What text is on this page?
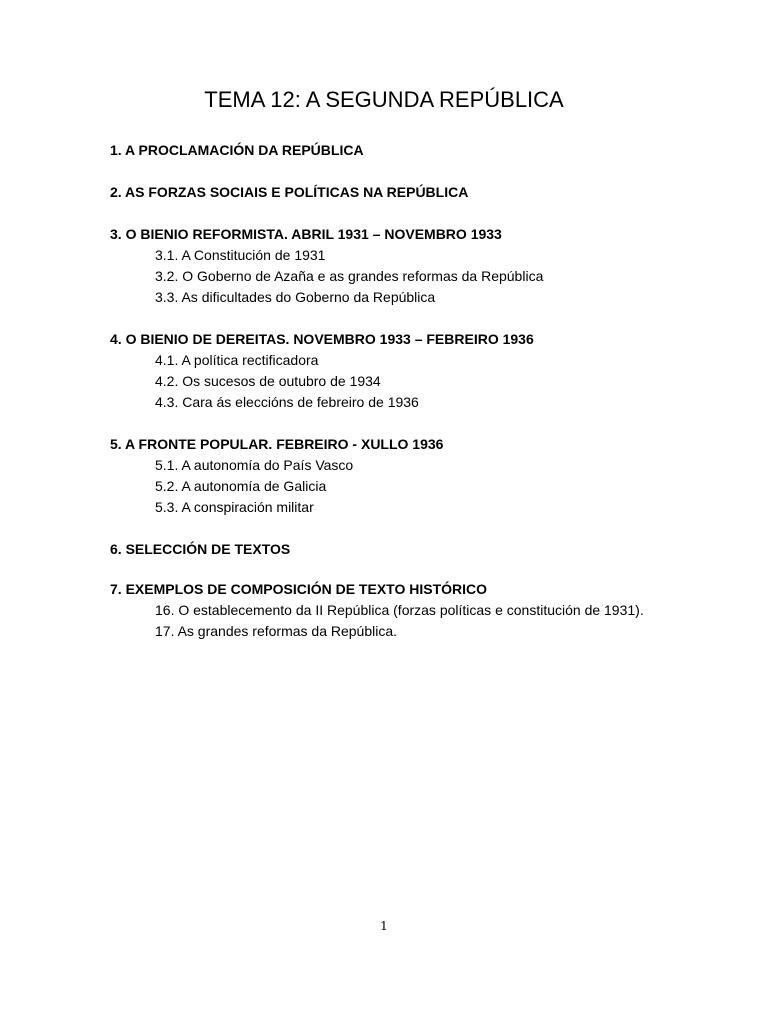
TEMA 12: A SEGUNDA REPÚBLICA

1. A PROCLAMACIÓN DA REPÚBLICA

2. AS FORZAS SOCIAIS E POLÍTICAS NA REPÚBLICA

3. O BIENIO REFORMISTA. ABRIL 1931 – NOVEMBRO 1933

3.1. A Constitución de 1931

3.2. O Goberno de Azaña e as grandes reformas da República

3.3. As dificultades do Goberno da República

4. O BIENIO DE DEREITAS. NOVEMBRO 1933 – FEBREIRO 1936

4.1. A política rectificadora

4.2. Os sucesos de outubro de 1934

4.3. Cara ás eleccións de febreiro de 1936

5. A FRONTE POPULAR. FEBREIRO - XULLO 1936

5.1. A autonomía do País Vasco

5.2. A autonomía de Galicia

5.3. A conspiración militar

6. SELECCIÓN DE TEXTOS

7. EXEMPLOS DE COMPOSICIÓN DE TEXTO HISTÓRICO

16. O establecemento da II República (forzas políticas e constitución de 1931).

17. As grandes reformas da República.

1
